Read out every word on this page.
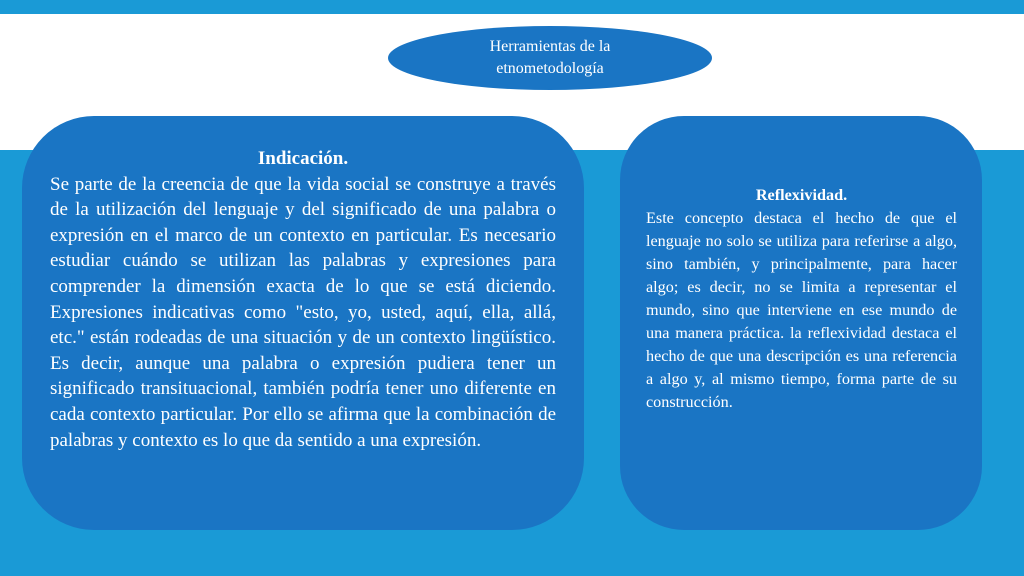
Herramientas de la
etnometodología
Indicación.

Se parte de la creencia de que la vida social se construye a través de la utilización del lenguaje y del significado de una palabra o expresión en el marco de un contexto en particular. Es necesario estudiar cuándo se utilizan las palabras y expresiones para comprender la dimensión exacta de lo que se está diciendo. Expresiones indicativas como "esto, yo, usted, aquí, ella, allá, etc." están rodeadas de una situación y de un contexto lingüístico. Es decir, aunque una palabra o expresión pudiera tener un significado transituacional, también podría tener uno diferente en cada contexto particular. Por ello se afirma que la combinación de palabras y contexto es lo que da sentido a una expresión.

Reflexividad.

Este concepto destaca el hecho de que el lenguaje no solo se utiliza para referirse a algo, sino también, y principalmente, para hacer algo; es decir, no se limita a representar el mundo, sino que interviene en ese mundo de una manera práctica. la reflexividad destaca el hecho de que una descripción es una referencia a algo y, al mismo tiempo, forma parte de su construcción.
